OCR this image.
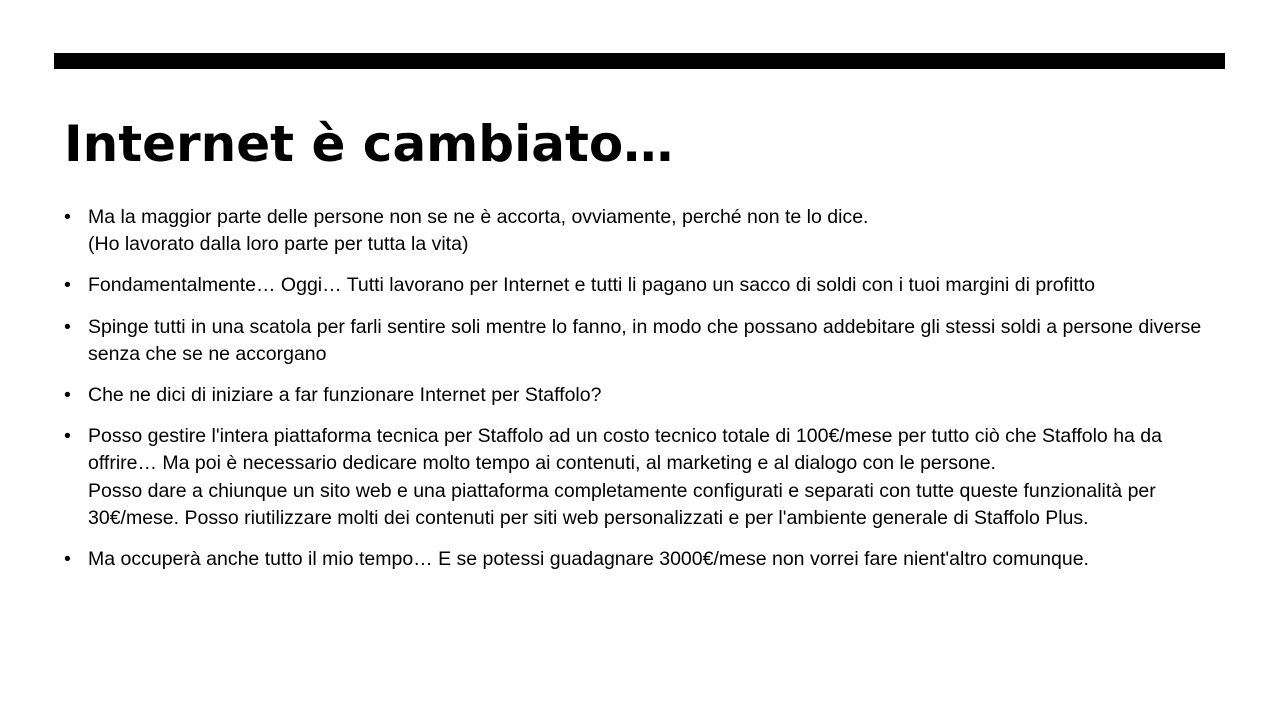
Internet è cambiato…
• Ma la maggior parte delle persone non se ne è accorta, ovviamente, perché non te lo dice.
(Ho lavorato dalla loro parte per tutta la vita)
• Fondamentalmente… Oggi… Tutti lavorano per Internet e tutti li pagano un sacco di soldi con i tuoi margini di profitto
• Spinge tutti in una scatola per farli sentire soli mentre lo fanno, in modo che possano addebitare gli stessi soldi a persone diverse senza che se ne accorgano
• Che ne dici di iniziare a far funzionare Internet per Staffolo?
• Posso gestire l'intera piattaforma tecnica per Staffolo ad un costo tecnico totale di 100€/mese per tutto ciò che Staffolo ha da offrire… Ma poi è necessario dedicare molto tempo ai contenuti, al marketing e al dialogo con le persone.
Posso dare a chiunque un sito web e una piattaforma completamente configurati e separati con tutte queste funzionalità per 30€/mese. Posso riutilizzare molti dei contenuti per siti web personalizzati e per l'ambiente generale di Staffolo Plus.
• Ma occuperà anche tutto il mio tempo… E se potessi guadagnare 3000€/mese non vorrei fare nient'altro comunque.
